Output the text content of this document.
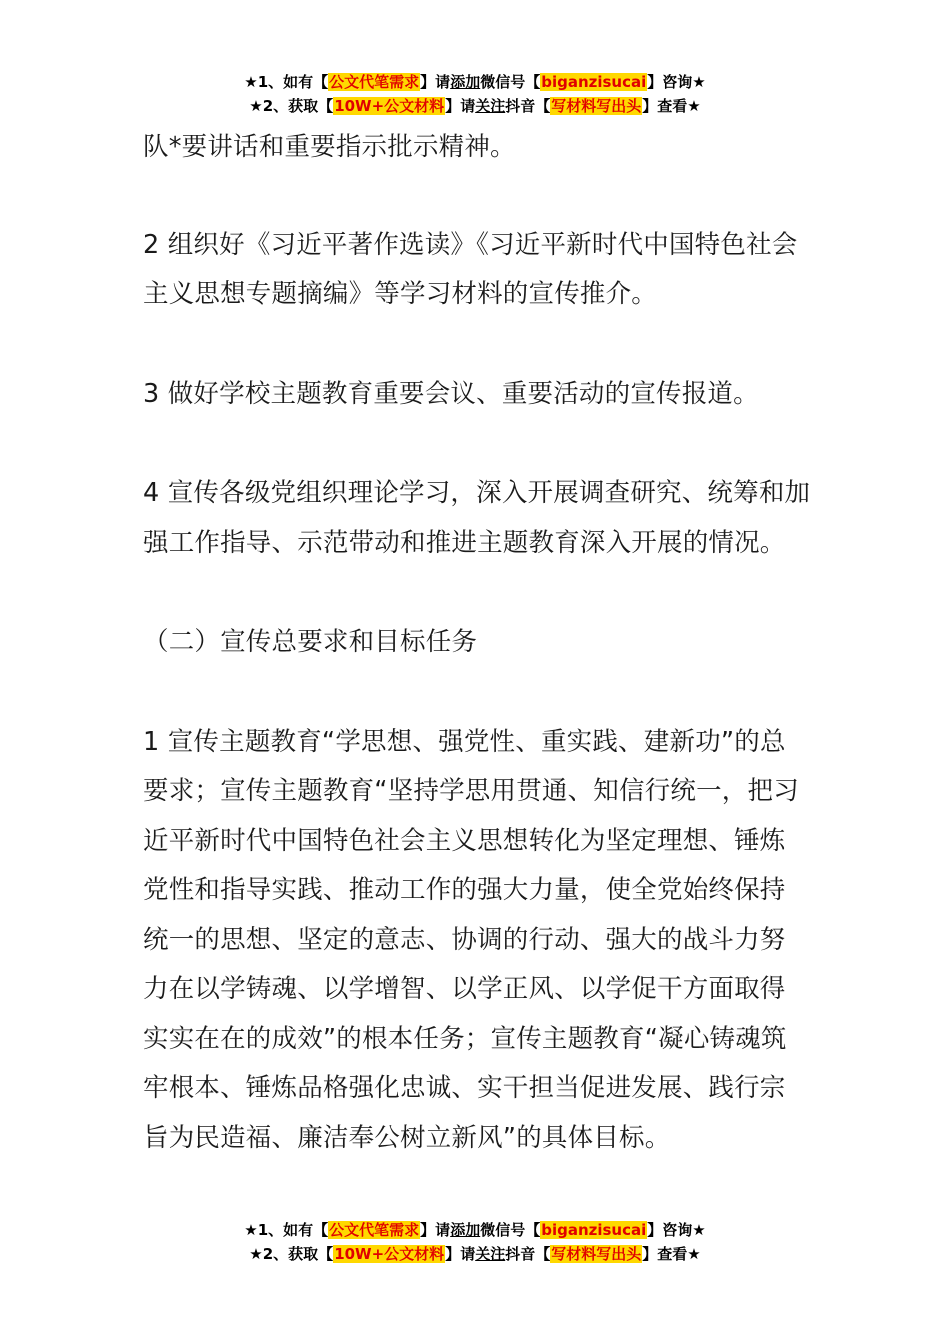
★1、如有【公文代笔需求】请添加微信号【biganzisucai】咨询★
★2、获取【10W+公文材料】请关注抖音【写材料写出头】查看★

队*要讲话和重要指示批示精神。

2 组织好《习近平著作选读》《习近平新时代中国特色社会主义思想专题摘编》等学习材料的宣传推介。

3 做好学校主题教育重要会议、重要活动的宣传报道。

4 宣传各级党组织理论学习，深入开展调查研究、统筹和加强工作指导、示范带动和推进主题教育深入开展的情况。

（二）宣传总要求和目标任务

1 宣传主题教育“学思想、强党性、重实践、建新功”的总要求；宣传主题教育“坚持学思用贯通、知信行统一，把习近平新时代中国特色社会主义思想转化为坚定理想、锤炼党性和指导实践、推动工作的强大力量，使全党始终保持统一的思想、坚定的意志、协调的行动、强大的战斗力努力在以学铸魂、以学增智、以学正风、以学促干方面取得实实在在的成效”的根本任务；宣传主题教育“凝心铸魂筑牢根本、锤炼品格强化忠诚、实干担当促进发展、践行宗旨为民造福、廉洁奉公树立新风”的具体目标。

★1、如有【公文代笔需求】请添加微信号【biganzisucai】咨询★
★2、获取【10W+公文材料】请关注抖音【写材料写出头】查看★
